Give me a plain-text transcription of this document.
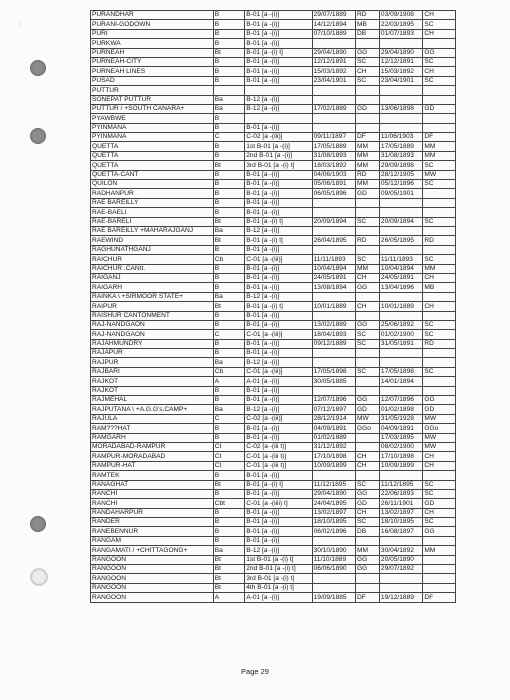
:
PURANDHAR	B	B-01 [a -(i)]	29/07/1889	RD	03/09/1908	CH
PURANI-GODOWN	B	B-01 [a -(i)]	14/12/1894	MB	22/03/1895	SC
PURI	B	B-01 [a -(i)]	07/10/1889	DB	01/07/1893	CH
PURKWA	B	B-01 [a -(i)]				
PURNEAH	Bt	B-01 [a -(i) t]	29/04/1890	GG	29/04/1890	GG
PURNEAH-CITY	B	B-01 [a -(i)]	12/12/1891	SC	12/12/1891	SC
PURNEAH LINES	B	B-01 [a -(i)]	15/03/1892	CH	15/03/1892	CH
PUSAD	B	B-01 [a -(i)]	23/04/1901	SC	23/04/1901	SC
PUTTUR						
SONEPAT PUTTUR	Ba	B-12 [a -(i)]				
PUTTUR / +SOUTH CANARA+	Ba	B-12 [a -(i)]	17/02/1889	GD	13/06/1898	GD
PYAWBWE	B					
PYINMANA	B	B-01 [a -(i)]				
PYINMANA	C	C-02 [a -(iii)]	09/11/1897	DF	11/06/1903	DF
QUETTA	B	1st B-01 [a -(i)]	17/05/1889	MM	17/05/1889	MM
QUETTA	B	2nd B-01 [a -(i)]	31/08/1893	MM	31/08/1893	MM
QUETTA	Bt	3rd B-01 [a -(i) t]	18/03/1892	MM	29/09/1898	SC
QUETTA-CANT	B	B-01 [a -(i)]	04/06/1903	RD	28/12/1905	MW
QUILON	B	B-01 [a -(i)]	05/06/1891	MM	05/12/1896	SC
RADHANPUR	B	B-01 [a -(i)]	06/05/1896	GD	09/05/1901	
RAE BAREILLY	B	B-01 [a -(i)]				
RAE-BAELI	B	B-01 [a -(i)]				
RAE-BARELI	Bt	B-01 [a -(i) t]	20/09/1894	SC	20/09/1894	SC
RAE BAREILLY +MAHARAJGANJ	Ba	B-12 [a -(i)]				
RAEWIND	Bt	B-01 [a -(i) t]	26/04/1895	RD	26/05/1895	RD
RAGHUNATHGANJ	B	B-01 [a -(i)]				
RAICHUR	Cb	C-01 [a -(iii)]	11/11/1893	SC	11/11/1893	SC
RAICHUR .CANtt.	B	B-01 [a -(i)]	10/04/1894	MM	10/04/1894	MM
RAIGANJ	B	B-01 [a -(i)]	24/05/1891	CH	24/05/1891	CH
RAIGARH	B	B-01 [a -(i)]	13/08/1894	GG	13/04/1896	MB
RAINKA \ +SIRMOOR STATE+	Ba	B-12 [a -(i)]				
RAIPUR	Bt	B-01 [a -(i) t]	10/01/1889	CH	10/01/1889	CH
RAISHUR CANTONMENT	B	B-01 [a -(i)]				
RAJ-NANDGAON	B	B-01 [a -(i)]	13/02/1889	GG	25/06/1892	SC
RAJ-NANDGAON	C	C-01 [a -(iii)]	18/04/1893	SC	01/02/1900	SC
RAJAHMUNDRY	B	B-01 [a -(i)]	09/12/1889	SC	31/05/1891	RD
RAJAPUR	B	B-01 [a -(i)]				
RAJPUR	Ba	B-12 [a -(i)]				
RAJBARI	Cb	C-01 [a -(iii)]	17/05/1898	SC	17/05/1898	SC
RAJKOT	A	A-01 [a -(i)]	30/05/1885		14/01/1894	
RAJKOT	B	B-01 [a -(i)]				
RAJMEHAL	B	B-01 [a -(i)]	12/07/1896	GG	12/07/1896	GG
RAJPUTANA \ +A.G.G's.CAMP+	Ba	B-12 [a -(i)]	07/12/1897	GD	01/02/1898	GD
RAJULA	C	C-02 [a -(iii)]	28/12/1914	MW	31/05/1928	MW
RAM???HAT	B	B-01 [a -(i)]	04/09/1891	GGo	04/09/1891	GGo
RAMGARH	B	B-01 [a -(i)]	01/02/1889		17/03/1895	MW
MORADABAD-RAMPUR	Ct	C-02 [a -(iii t)]	31/12/1892		08/02/1900	MW
RAMPUR-MORADABAD	Ct	C-01 [a -(iii t)]	17/10/1898	CH	17/10/1898	CH
RAMPUR-HAT	Ct	C-01 [a -(iii t)]	10/09/1899	CH	10/09/1899	CH
RAMTEK	B	B-01 [a -(i)]				
RANAGHAT	Bt	B-01 [a -(i) t]	11/12/1895	SC	11/12/1895	SC
RANCHI	B	B-01 [a -(i)]	29/04/1890	GG	22/06/1893	SC
RANCHI	Cbt	C-01 [a -(iiii) t]	24/04/1895	GD	26/11/1901	GD
RANDAHARPUR	B	B-01 [a -(i)]	13/02/1897	CH	13/02/1897	CH
RANDER	B	B-01 [a -(i)]	18/10/1895	SC	18/10/1895	SC
RANEBENNUR	B	B-01 [a -(i)]	06/02/1896	DB	16/08/1897	GG
RANGAM	B	B-01 [a -(i)]				
RANGAMATI / +CHITTAGONG+	Ba	B-12 [a -(i)]	30/10/1890	MM	30/04/1892	MM
RANGOON	Bt	1st B-01 [a -(i) t]	11/10/1889	GG	20/05/1890	
RANGOON	Bt	2nd B-01 [a -(i) t]	06/06/1890	GG	29/07/1892	
RANGOON	Bt	3rd B-01 [a -(i) t]				
RANGOON	Bt	4th B-01 [a -(i) t]				
RANGOON	A	A-01 [a -(i)]	19/09/1885	DF	19/12/1889	DF
Page 29
